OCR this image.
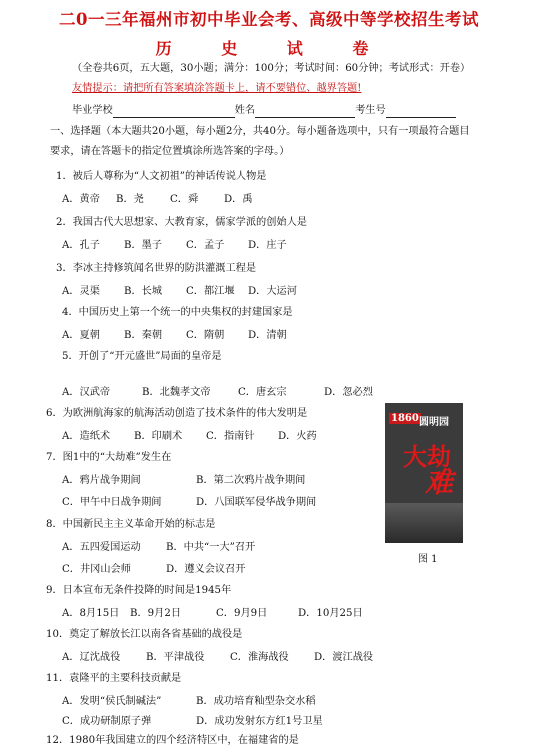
二0一三年福州市初中毕业会考、高级中等学校招生考试
历 史 试 卷
（全卷共6页，五大题，30小题；满分：100分；考试时间：60分钟；考试形式：开卷）
友情提示：请把所有答案填涂答题卡上，请不要错位、越界答题!
毕业学校	姓名	考生号
一、选择题（本大题共20小题，每小题2分，共40分。每小题备选项中，只有一项最符合题目
要求，请在答题卡的指定位置填涂所选答案的字母。）
1．被后人尊称为“人文初祖”的神话传说人物是
A．黄帝 B．尧	C．舜	D．禹
2．我国古代大思想家、大教育家，儒家学派的创始人是
A．孔子 B．墨子 C．孟子 D．庄子
3．李冰主持修筑闻名世界的防洪灌溉工程是
A．灵渠 B．长城 C．都江堰 D．大运河
4．中国历史上第一个统一的中央集权的封建国家是
A．夏朝 B．秦朝 C．隋朝 D．清朝
5．开创了“开元盛世”局面的皇帝是
A．汉武帝	B．北魏孝文帝	C．唐玄宗	D．忽必烈
6．为欧洲航海家的航海活动创造了技术条件的伟大发明是
A．造纸术 B．印刷术 C．指南针 D．火药
7．图1中的“大劫难”发生在
A．鸦片战争期间	B．第二次鸦片战争期间
C．甲午中日战争期间	D．八国联军侵华战争期间
8．中国新民主主义革命开始的标志是
A．五四爱国运动 B．中共“一大”召开
C．井冈山会师	D．遵义会议召开
9．日本宣布无条件投降的时间是1945年
A．8月15日 B．9月2日	C．9月9日	D．10月25日
10．奠定了解放长江以南各省基础的战役是
A．辽沈战役	B．平津战役	C．淮海战役 D．渡江战役
11．袁隆平的主要科技贡献是
A．发明“侯氏制碱法”	B．成功培育籼型杂交水稻
C．成功研制原子弹	D．成功发射东方红1号卫星
12．1980年我国建立的四个经济特区中，在福建省的是
1860 圆明园
大劫
难
图 1
